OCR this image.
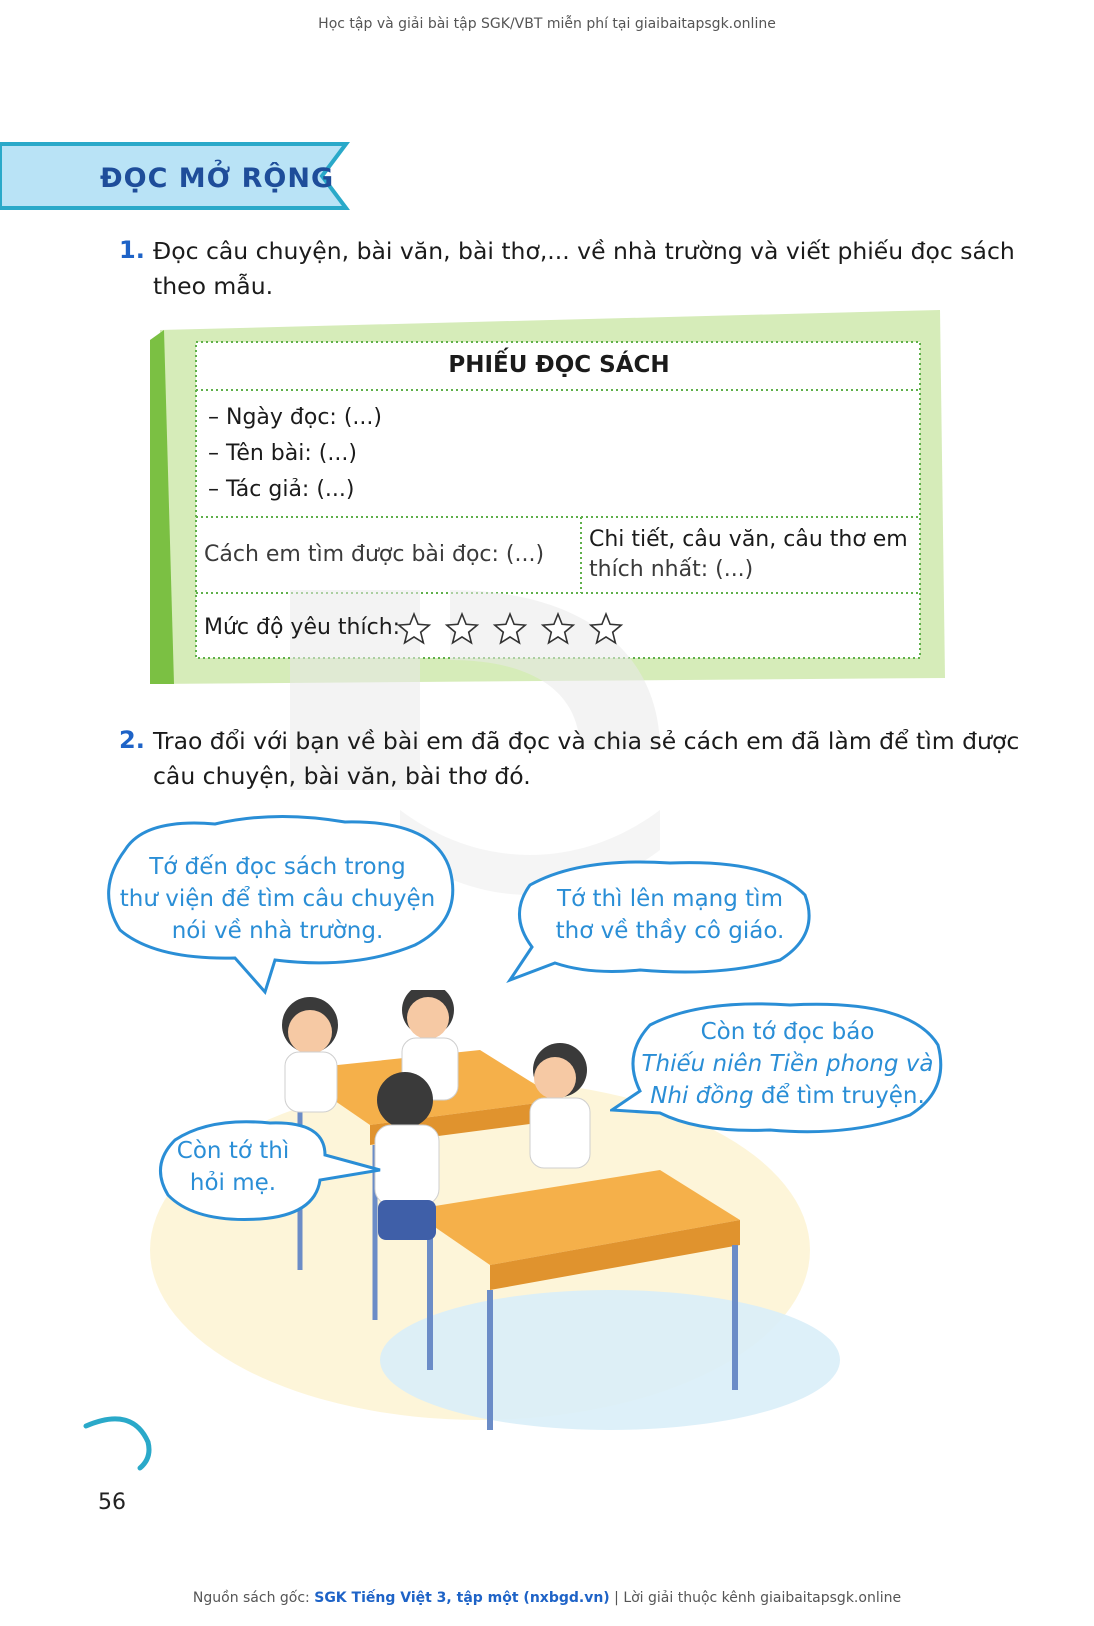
Học tập và giải bài tập SGK/VBT miễn phí tại giaibaitapsgk.online
ĐỌC MỞ RỘNG
1. Đọc câu chuyện, bài văn, bài thơ,... về nhà trường và viết phiếu đọc sách
theo mẫu.
PHIẾU ĐỌC SÁCH
– Ngày đọc: (...)
– Tên bài: (...)
– Tác giả: (...)
Cách em tìm được bài đọc: (...)
Chi tiết, câu văn, câu thơ em
thích nhất: (...)
Mức độ yêu thích:
2. Trao đổi với bạn về bài em đã đọc và chia sẻ cách em đã làm để tìm được
câu chuyện, bài văn, bài thơ đó.
Tớ đến đọc sách trong
thư viện để tìm câu chuyện
nói về nhà trường.
Tớ thì lên mạng tìm
thơ về thầy cô giáo.
Còn tớ đọc báo
Thiếu niên Tiền phong và
Nhi đồng để tìm truyện.
Còn tớ thì
hỏi mẹ.
56
Nguồn sách gốc: SGK Tiếng Việt 3, tập một (nxbgd.vn) | Lời giải thuộc kênh giaibaitapsgk.online
